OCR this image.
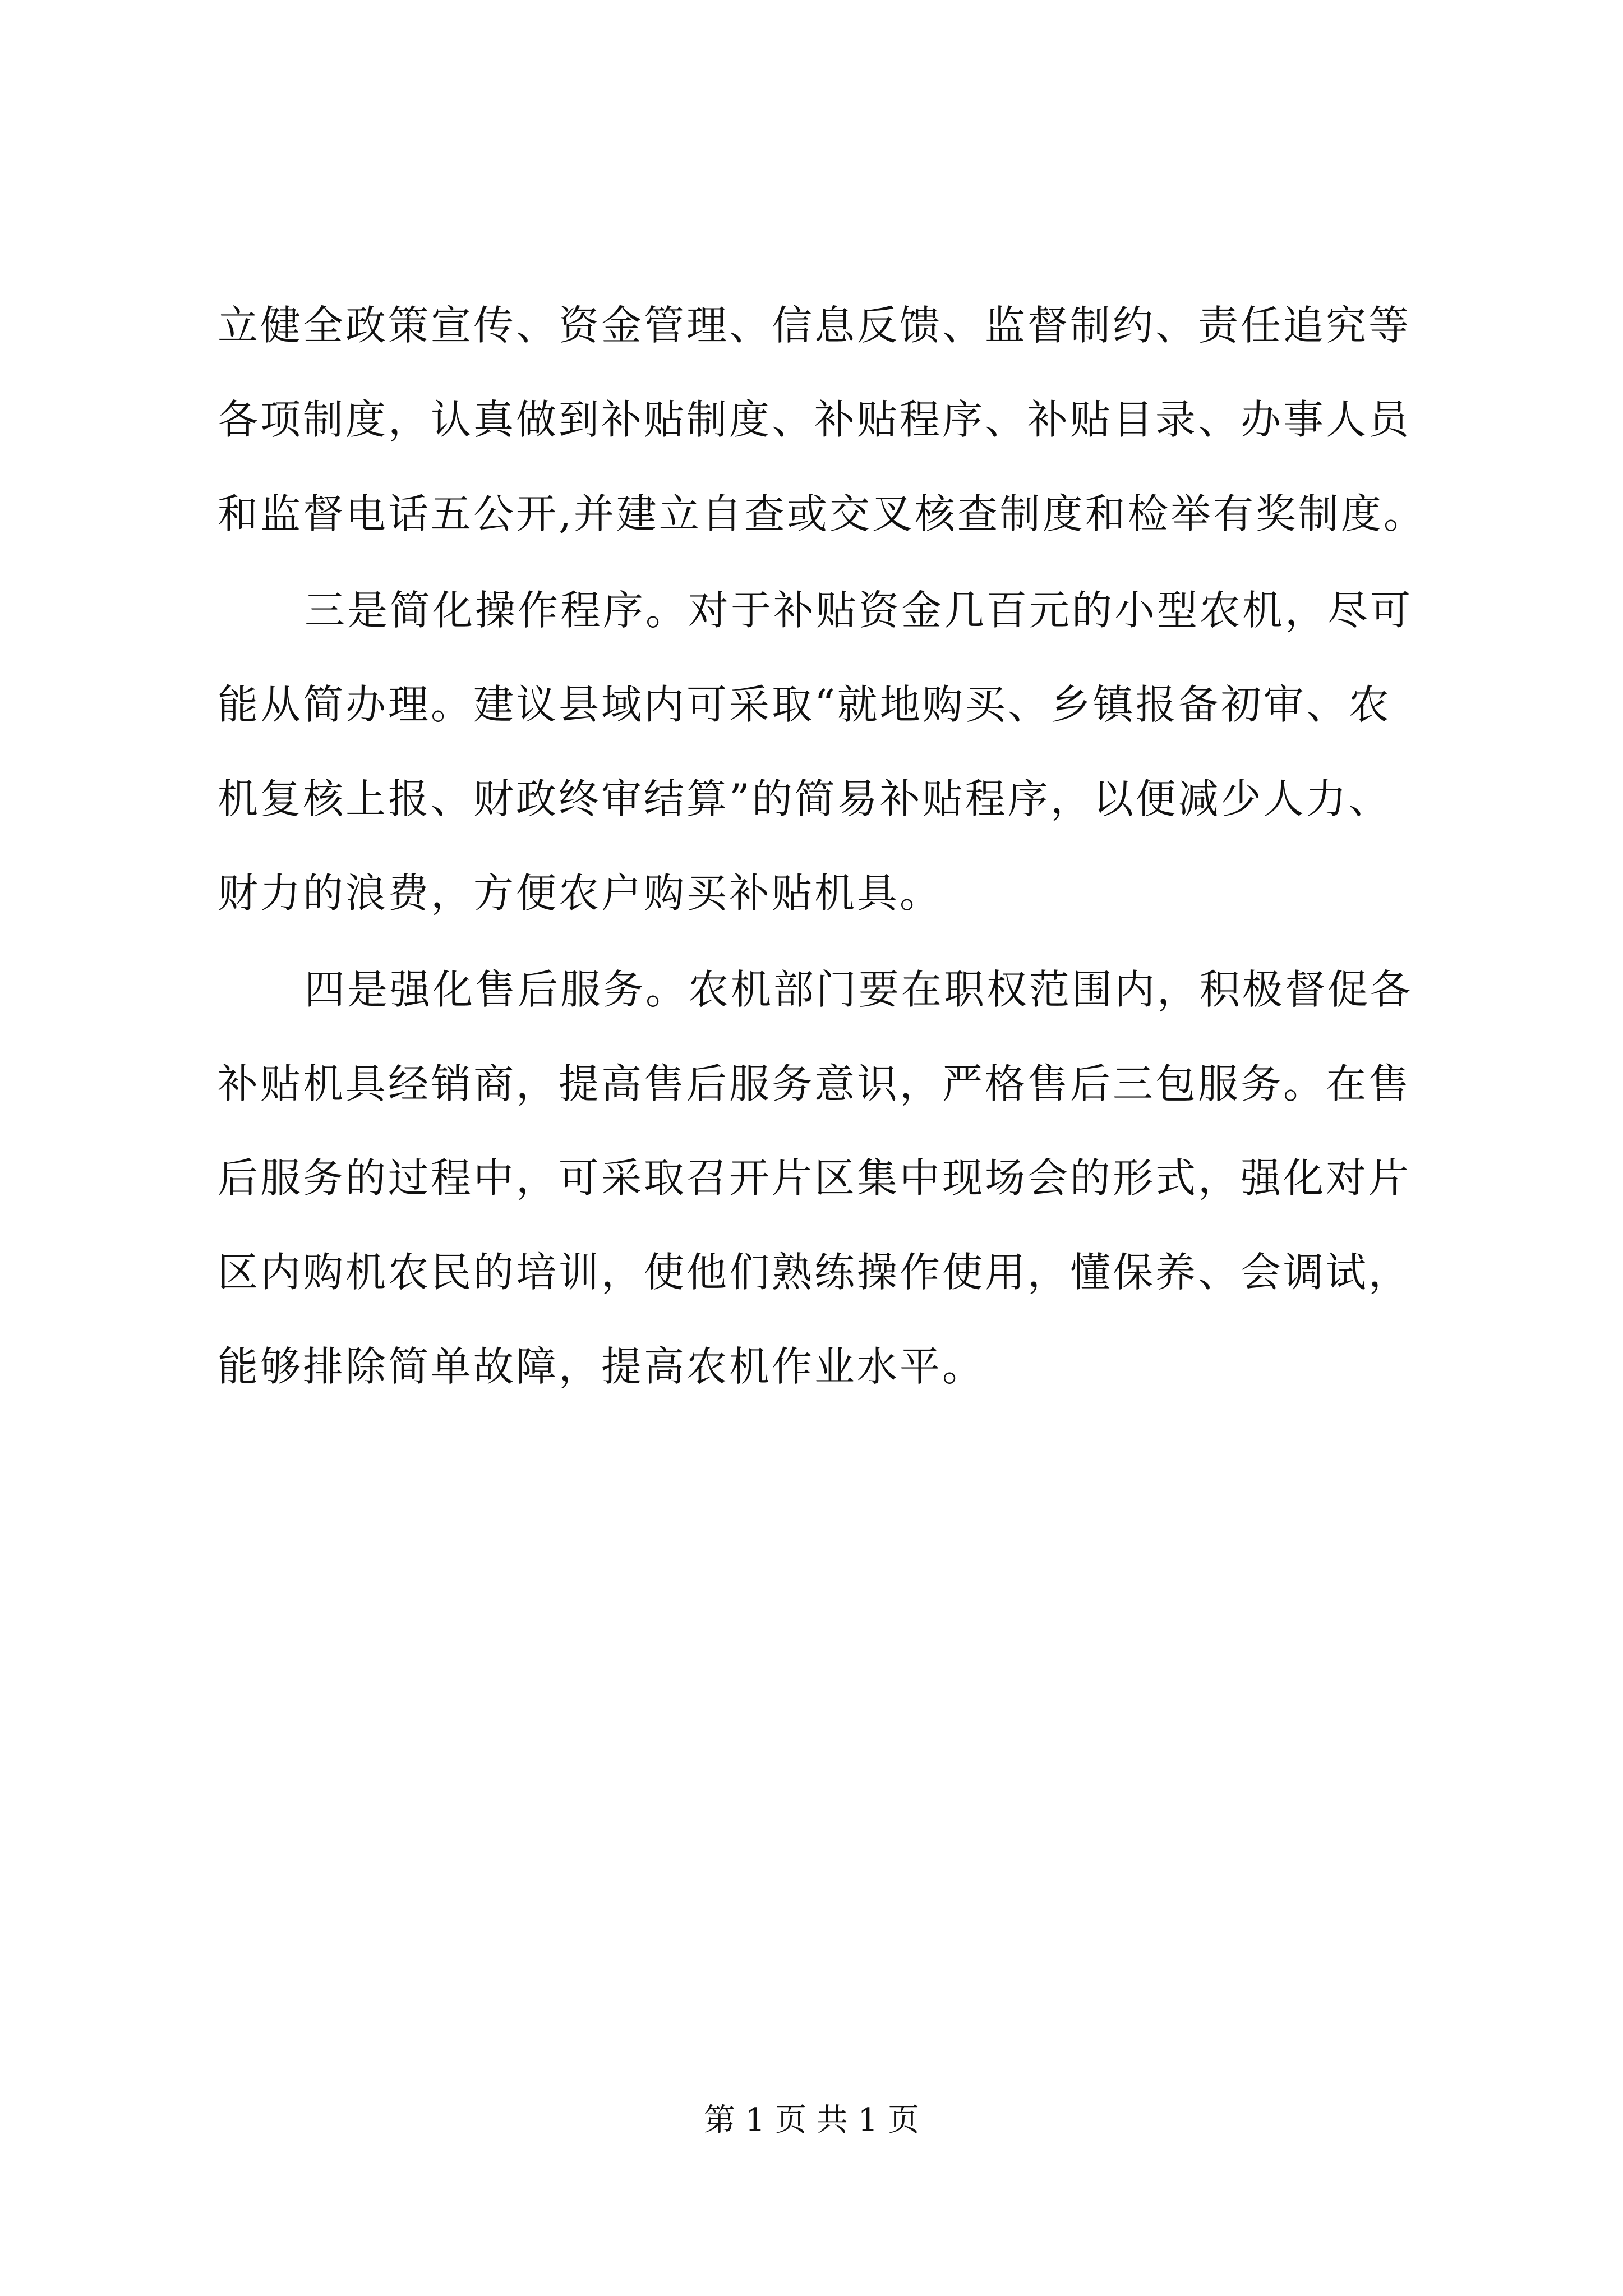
立健全政策宣传、资金管理、信息反馈、监督制约、责任追究等
各项制度，认真做到补贴制度、补贴程序、补贴目录、办事人员
和监督电话五公开,并建立自查或交叉核查制度和检举有奖制度。
三是简化操作程序。对于补贴资金几百元的小型农机，尽可
能从简办理。建议县域内可采取“就地购买、乡镇报备初审、农
机复核上报、财政终审结算”的简易补贴程序，以便减少人力、
财力的浪费，方便农户购买补贴机具。
四是强化售后服务。农机部门要在职权范围内，积极督促各
补贴机具经销商，提高售后服务意识，严格售后三包服务。在售
后服务的过程中，可采取召开片区集中现场会的形式，强化对片
区内购机农民的培训，使他们熟练操作使用，懂保养、会调试，
能够排除简单故障，提高农机作业水平。
第 1 页 共 1 页
